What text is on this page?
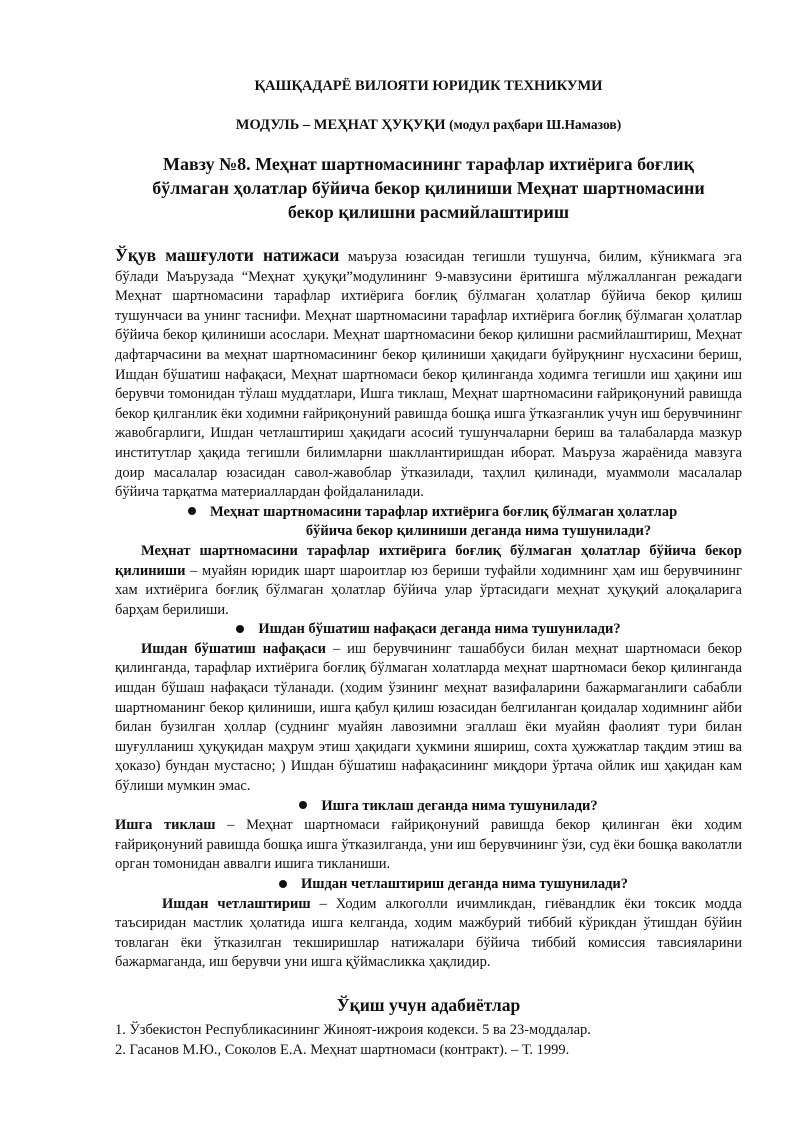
ҚАШҚАДАРЁ ВИЛОЯТИ ЮРИДИК ТЕХНИКУМИ

МОДУЛЬ – МЕҲНАТ ҲУҚУҚИ (модул раҳбари Ш.Намазов)

Мавзу №8. Меҳнат шартномасининг тарафлар ихтиёрига боғлиқ
бўлмаган ҳолатлар бўйича бекор қилиниши Меҳнат шартномасини
бекор қилишни расмийлаштириш

Ўқув машғулоти натижаси маъруза юзасидан тегишли тушунча, билим, кўникмага эга бўлади Маърузада “Меҳнат ҳуқуқи”модулининг 9-мавзусини ёритишга мўлжалланган режадаги Меҳнат шартномасини тарафлар ихтиёрига боғлиқ бўлмаган ҳолатлар бўйича бекор қилиш тушунчаси ва унинг таснифи. Меҳнат шартномасини тарафлар ихтиёрига боғлиқ бўлмаган ҳолатлар бўйича бекор қилиниши асослари. Меҳнат шартномасини бекор қилишни расмийлаштириш, Меҳнат дафтарчасини ва меҳнат шартномасининг бекор қилиниши ҳақидаги буйруқнинг нусхасини бериш, Ишдан бўшатиш нафақаси, Меҳнат шартномаси бекор қилинганда ходимга тегишли иш ҳақини иш берувчи томонидан тўлаш муддатлари, Ишга тиклаш, Меҳнат шартномасини ғайриқонуний равишда бекор қилганлик ёки ходимни ғайриқонуний равишда бошқа ишга ўтказганлик учун иш берувчининг жавобгарлиги, Ишдан четлаштириш ҳақидаги асосий тушунчаларни бериш ва талабаларда мазкур институтлар ҳақида тегишли билимларни шакллантиришдан иборат. Маъруза жараёнида мавзуга доир масалалар юзасидан савол-жавоблар ўтказилади, таҳлил қилинади, муаммоли масалалар бўйича тарқатма материаллардан фойдаланилади.

Меҳнат шартномасини тарафлар ихтиёрига боғлиқ бўлмаган ҳолатлар

бўйича бекор қилиниши деганда нима тушунилади?

Меҳнат шартномасини тарафлар ихтиёрига боғлиқ бўлмаган ҳолатлар бўйича бекор қилиниши – муайян юридик шарт шароитлар юз бериши туфайли ходимнинг ҳам иш берувчининг хам ихтиёрига боғлиқ бўлмаган ҳолатлар бўйича улар ўртасидаги меҳнат ҳуқуқий алоқаларига барҳам берилиши.

Ишдан бўшатиш нафақаси деганда нима тушунилади?

Ишдан бўшатиш нафақаси – иш берувчининг ташаббуси билан меҳнат шартномаси бекор қилинганда, тарафлар ихтиёрига боғлиқ бўлмаган холатларда меҳнат шартномаси бекор қилинганда ишдан бўшаш нафақаси тўланади. (ходим ўзининг меҳнат вазифаларини бажармаганлиги сабабли шартноманинг бекор қилиниши, ишга қабул қилиш юзасидан белгиланган қоидалар ходимнинг айби билан бузилган ҳоллар (суднинг муайян лавозимни эгаллаш ёки муайян фаолият тури билан шуғулланиш ҳуқуқидан маҳрум этиш ҳақидаги ҳукмини яшириш, сохта ҳужжатлар тақдим этиш ва ҳоказо) бундан мустасно; ) Ишдан бўшатиш нафақасининг миқдори ўртача ойлик иш ҳақидан кам бўлиши мумкин эмас.

Ишга тиклаш деганда нима тушунилади?

Ишга тиклаш – Меҳнат шартномаси ғайриқонуний равишда бекор қилинган ёки ходим ғайриқонуний равишда бошқа ишга ўтказилганда, уни иш берувчининг ўзи, суд ёки бошқа ваколатли орган томонидан аввалги ишига тикланиши.

Ишдан четлаштириш деганда нима тушунилади?

Ишдан четлаштириш – Ходим алкоголли ичимликдан, гиёвандлик ёки токсик модда таъсиридан мастлик ҳолатида ишга келганда, ходим мажбурий тиббий кўрикдан ўтишдан бўйин товлаган ёки ўтказилган текширишлар натижалари бўйича тиббий комиссия тавсияларини бажармаганда, иш берувчи уни ишга қўймасликка ҳақлидир.

Ўқиш учун адабиётлар

1. Ўзбекистон Республикасининг Жиноят-ижроия кодекси. 5 ва 23-моддалар.

2. Гасанов М.Ю., Соколов Е.А. Меҳнат шартномаси (контракт). – Т. 1999.
